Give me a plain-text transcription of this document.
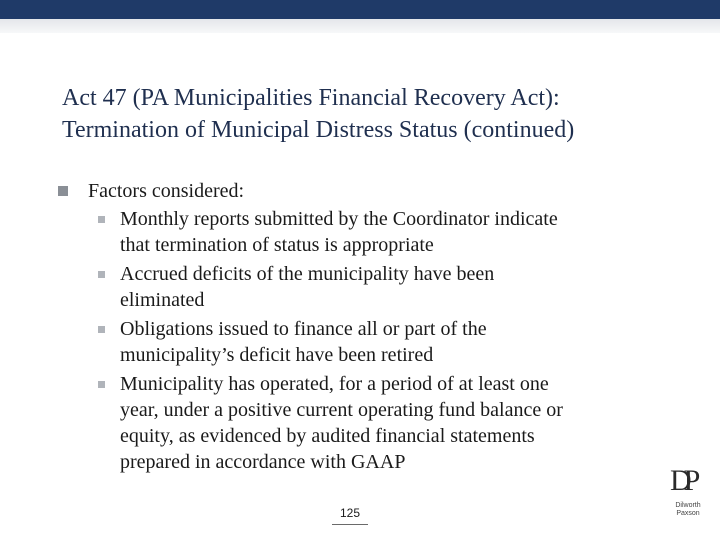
Act 47 (PA Municipalities Financial Recovery Act):
Termination of Municipal Distress Status (continued)
Factors considered:
Monthly reports submitted by the Coordinator indicate
that termination of status is appropriate
Accrued deficits of the municipality have been
eliminated
Obligations issued to finance all or part of the
municipality’s deficit have been retired
Municipality has operated, for a period of at least one
year, under a positive current operating fund balance or
equity, as evidenced by audited financial statements
prepared in accordance with GAAP
125
DP
Dilworth
Paxson
